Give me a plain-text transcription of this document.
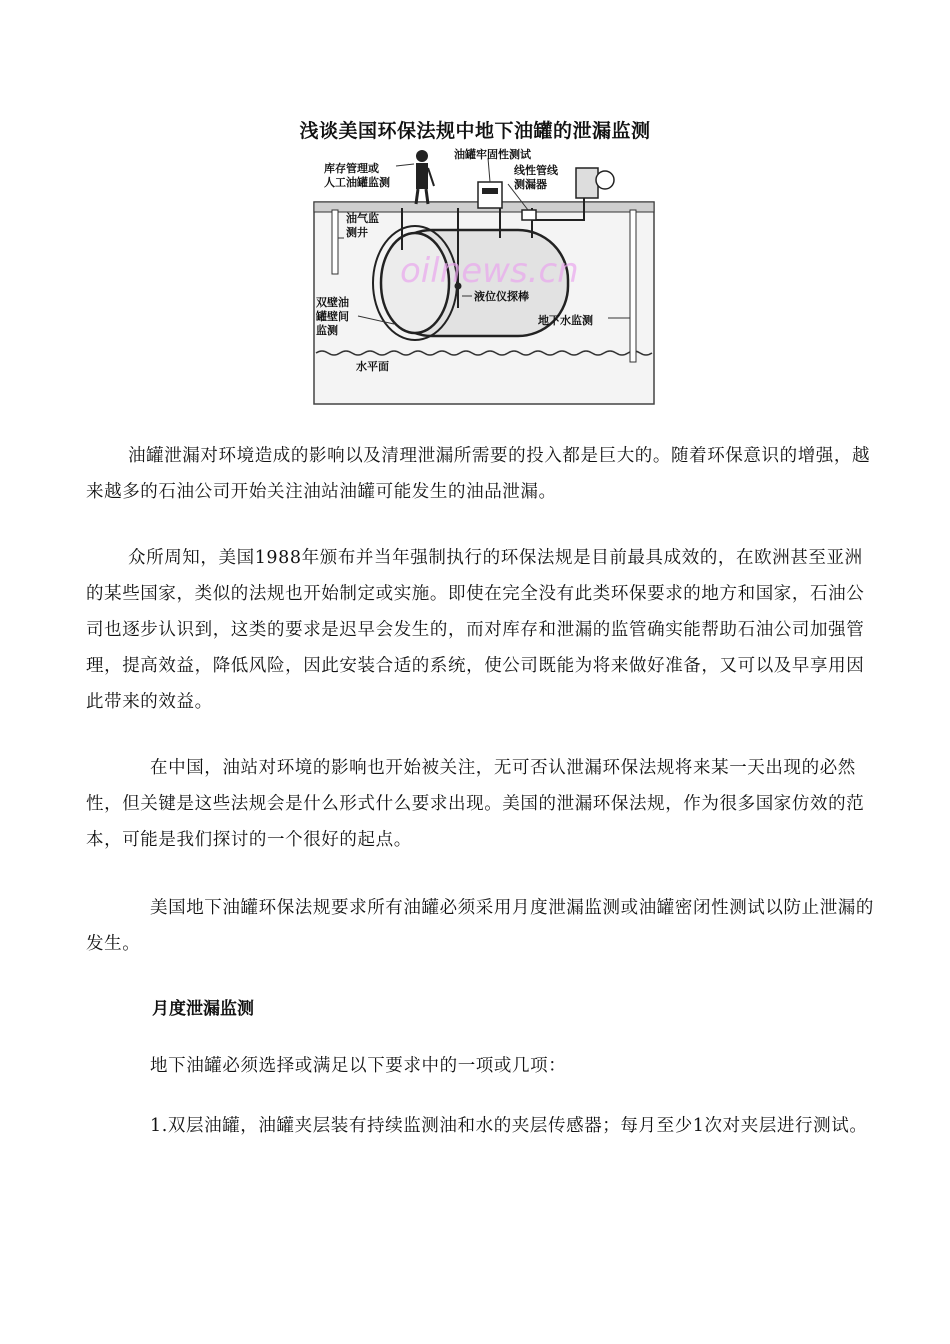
浅谈美国环保法规中地下油罐的泄漏监测
oilnews.cn
库存管理或
人工油罐监测
油罐牢固性测试
线性管线
测漏器
油气监
测井
双壁油
罐壁间
监测
液位仪探棒
地下水监测
水平面
油罐泄漏对环境造成的影响以及清理泄漏所需要的投入都是巨大的。随着环保意识的增强，越来越多的石油公司开始关注油站油罐可能发生的油品泄漏。
众所周知，美国1988年颁布并当年强制执行的环保法规是目前最具成效的，在欧洲甚至亚洲的某些国家，类似的法规也开始制定或实施。即使在完全没有此类环保要求的地方和国家，石油公司也逐步认识到，这类的要求是迟早会发生的，而对库存和泄漏的监管确实能帮助石油公司加强管理，提高效益，降低风险，因此安装合适的系统，使公司既能为将来做好准备，又可以及早享用因此带来的效益。
在中国，油站对环境的影响也开始被关注，无可否认泄漏环保法规将来某一天出现的必然性，但关键是这些法规会是什么形式什么要求出现。美国的泄漏环保法规，作为很多国家仿效的范本，可能是我们探讨的一个很好的起点。
美国地下油罐环保法规要求所有油罐必须采用月度泄漏监测或油罐密闭性测试以防止泄漏的发生。
月度泄漏监测
地下油罐必须选择或满足以下要求中的一项或几项：
1.双层油罐，油罐夹层装有持续监测油和水的夹层传感器；每月至少1次对夹层进行测试。
